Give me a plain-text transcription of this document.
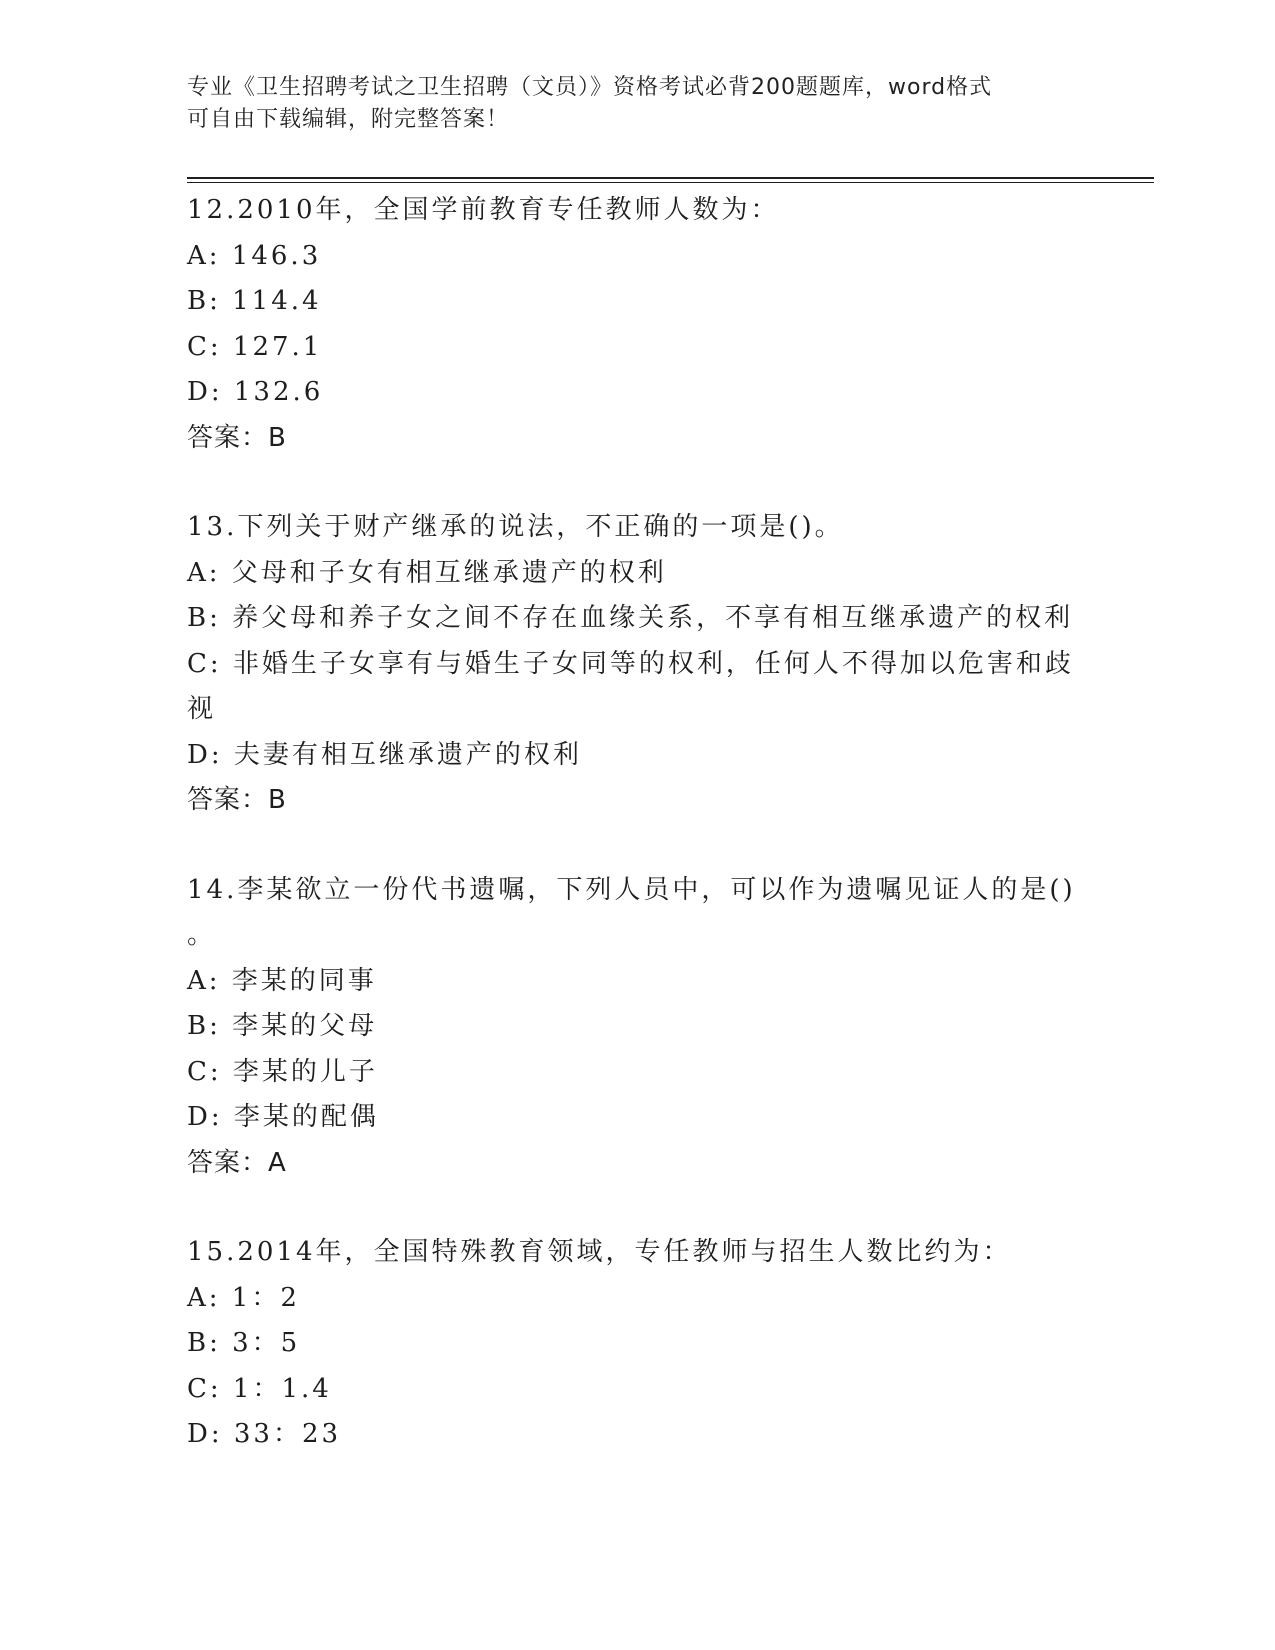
专业《卫生招聘考试之卫生招聘（文员）》资格考试必背200题题库，word格式
可自由下载编辑，附完整答案！
12.2010年，全国学前教育专任教师人数为：
A: 146.3
B: 114.4
C: 127.1
D: 132.6
答案：B
13.下列关于财产继承的说法，不正确的一项是()。
A: 父母和子女有相互继承遗产的权利
B: 养父母和养子女之间不存在血缘关系，不享有相互继承遗产的权利
C: 非婚生子女享有与婚生子女同等的权利，任何人不得加以危害和歧
视
D: 夫妻有相互继承遗产的权利
答案：B
14.李某欲立一份代书遗嘱，下列人员中，可以作为遗嘱见证人的是()
。
A: 李某的同事
B: 李某的父母
C: 李某的儿子
D: 李某的配偶
答案：A
15.2014年，全国特殊教育领域，专任教师与招生人数比约为：
A: 1：2
B: 3：5
C: 1：1.4
D: 33：23
